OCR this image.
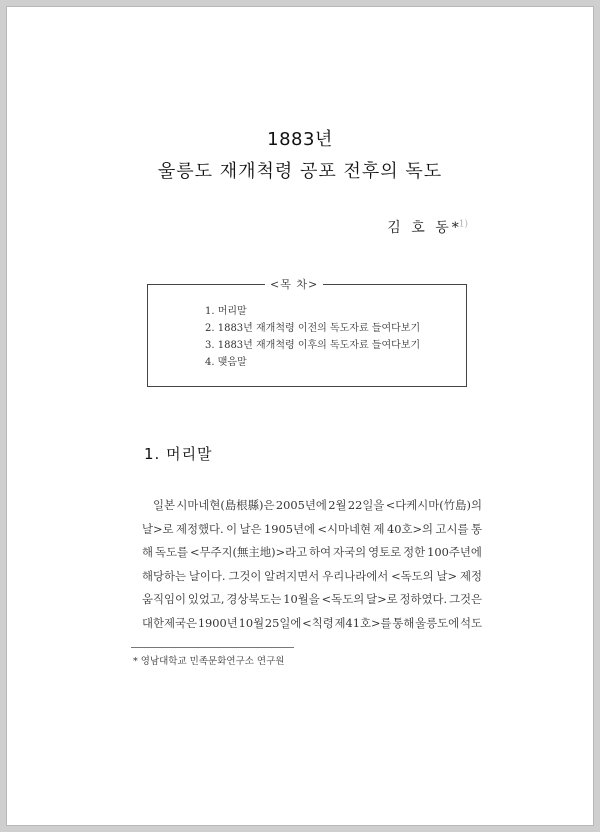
1883년
울릉도 재개척령 공포 전후의 독도
김 호 동*$^{1)}$
<목 차>
1. 머리말
2. 1883년 재개척령 이전의 독도자료 들여다보기
3. 1883년 재개척령 이후의 독도자료 들여다보기
4. 맺음말
1. 머리말
일본 시마네현(島根縣)은 2005년에 2월 22일을 <다케시마(竹島)의
날>로 제정했다. 이 날은 1905년에 <시마네현 제 40호>의 고시를 통
해 독도를 <무주지(無主地)>라고 하여 자국의 영토로 정한 100주년에
해당하는 날이다. 그것이 알려지면서 우리나라에서 <독도의 날> 제정
움직임이 있었고, 경상북도는 10월을 <독도의 달>로 정하였다. 그것은
대한제국은 1900년 10월 25일에 <칙령 제41호>를 통해 울릉도에 석도
* 영남대학교 민족문화연구소 연구원
